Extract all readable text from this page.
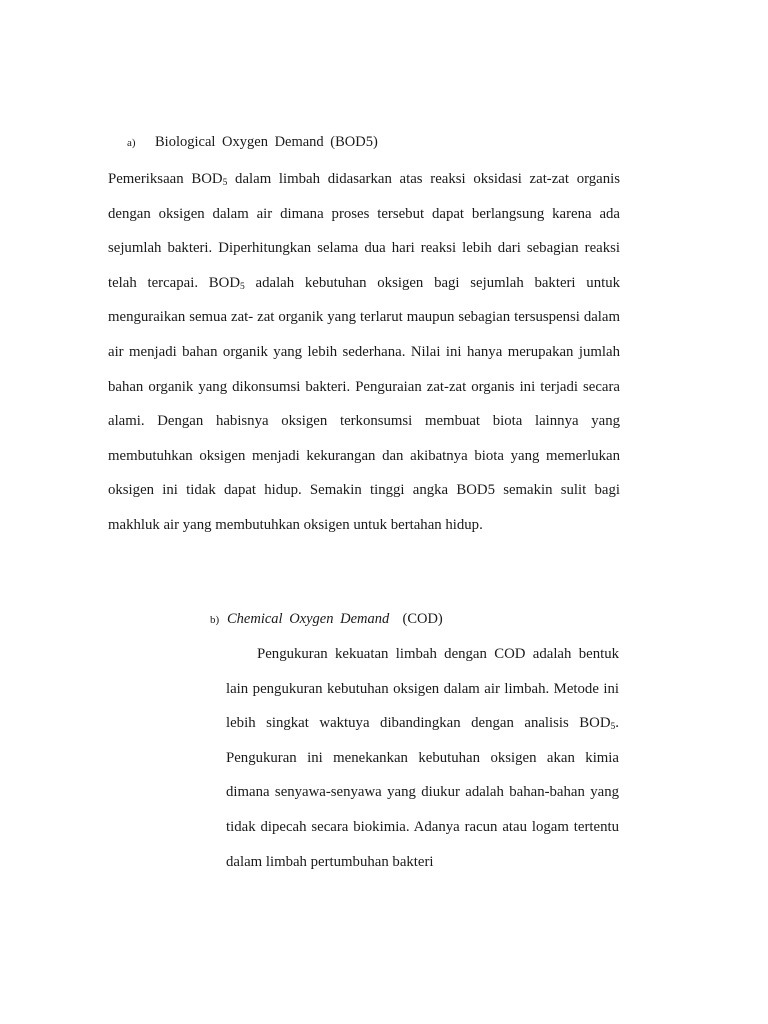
a) Biological Oxygen Demand (BOD5)

Pemeriksaan $BOD_5$ dalam limbah didasarkan atas reaksi oksidasi zat-zat organis dengan oksigen dalam air dimana proses tersebut dapat berlangsung karena ada sejumlah bakteri. Diperhitungkan selama dua hari reaksi lebih dari sebagian reaksi telah tercapai. $BOD_5$ adalah kebutuhan oksigen bagi sejumlah bakteri untuk menguraikan semua zat- zat organik yang terlarut maupun sebagian tersuspensi dalam air menjadi bahan organik yang lebih sederhana. Nilai ini hanya merupakan jumlah bahan organik yang dikonsumsi bakteri. Penguraian zat-zat organis ini terjadi secara alami. Dengan habisnya oksigen terkonsumsi membuat biota lainnya yang membutuhkan oksigen menjadi kekurangan dan akibatnya biota yang memerlukan oksigen ini tidak dapat hidup. Semakin tinggi angka BOD5 semakin sulit bagi makhluk air yang membutuhkan oksigen untuk bertahan hidup.

b) Chemical Oxygen Demand (COD)

Pengukuran kekuatan limbah dengan COD adalah bentuk lain pengukuran kebutuhan oksigen dalam air limbah. Metode ini lebih singkat waktuya dibandingkan dengan analisis $BOD_5$. Pengukuran ini menekankan kebutuhan oksigen akan kimia dimana senyawa-senyawa yang diukur adalah bahan-bahan yang tidak dipecah secara biokimia. Adanya racun atau logam tertentu dalam limbah pertumbuhan bakteri
